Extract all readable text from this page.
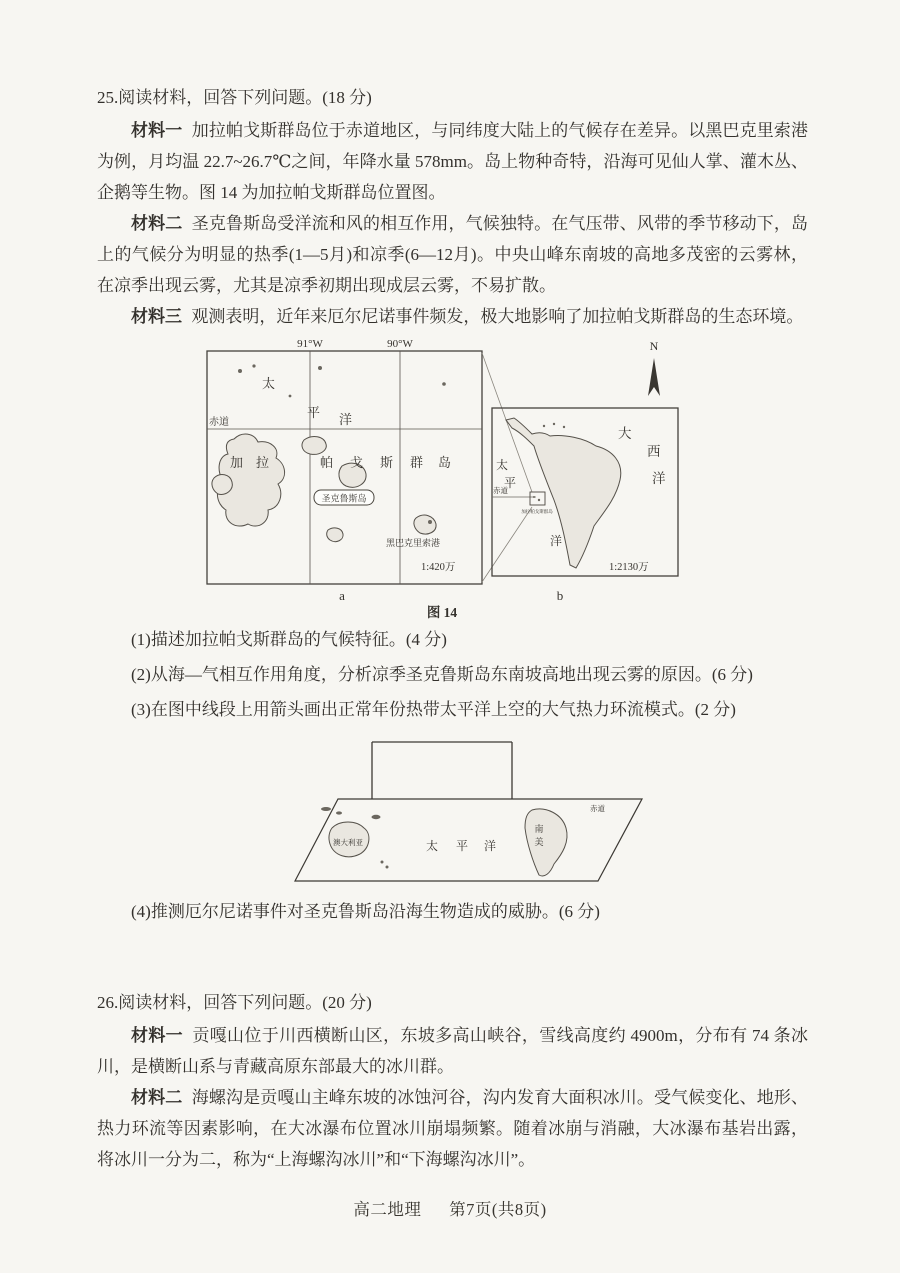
25.阅读材料，回答下列问题。(18 分)

材料一 加拉帕戈斯群岛位于赤道地区，与同纬度大陆上的气候存在差异。以黑巴克里索港为例，月均温 22.7~26.7℃之间，年降水量 578mm。岛上物种奇特，沿海可见仙人掌、灌木丛、企鹅等生物。图 14 为加拉帕戈斯群岛位置图。

材料二 圣克鲁斯岛受洋流和风的相互作用，气候独特。在气压带、风带的季节移动下，岛上的气候分为明显的热季(1—5月)和凉季(6—12月)。中央山峰东南坡的高地多茂密的云雾林，在凉季出现云雾，尤其是凉季初期出现成层云雾，不易扩散。

材料三 观测表明，近年来厄尔尼诺事件频发，极大地影响了加拉帕戈斯群岛的生态环境。

91°W	90°W
赤道
太
平 洋
加 拉	帕 戈 斯 群 岛
圣克鲁斯岛
黑巴克里索港
1:420万
a
N
大
西
洋
太
平
洋
赤道
加拉帕戈斯群岛
1:2130万
b
图 14

(1)描述加拉帕戈斯群岛的气候特征。(4 分)

(2)从海—气相互作用角度，分析凉季圣克鲁斯岛东南坡高地出现云雾的原因。(6 分)

(3)在图中线段上用箭头画出正常年份热带太平洋上空的大气热力环流模式。(2 分)

澳大利亚	太 平 洋
南
美
赤道

(4)推测厄尔尼诺事件对圣克鲁斯岛沿海生物造成的威胁。(6 分)

26.阅读材料，回答下列问题。(20 分)

材料一 贡嘎山位于川西横断山区，东坡多高山峡谷，雪线高度约 4900m，分布有 74 条冰川，是横断山系与青藏高原东部最大的冰川群。

材料二 海螺沟是贡嘎山主峰东坡的冰蚀河谷，沟内发育大面积冰川。受气候变化、地形、热力环流等因素影响，在大冰瀑布位置冰川崩塌频繁。随着冰崩与消融，大冰瀑布基岩出露，将冰川一分为二，称为“上海螺沟冰川”和“下海螺沟冰川”。

高二地理 第7页(共8页)
